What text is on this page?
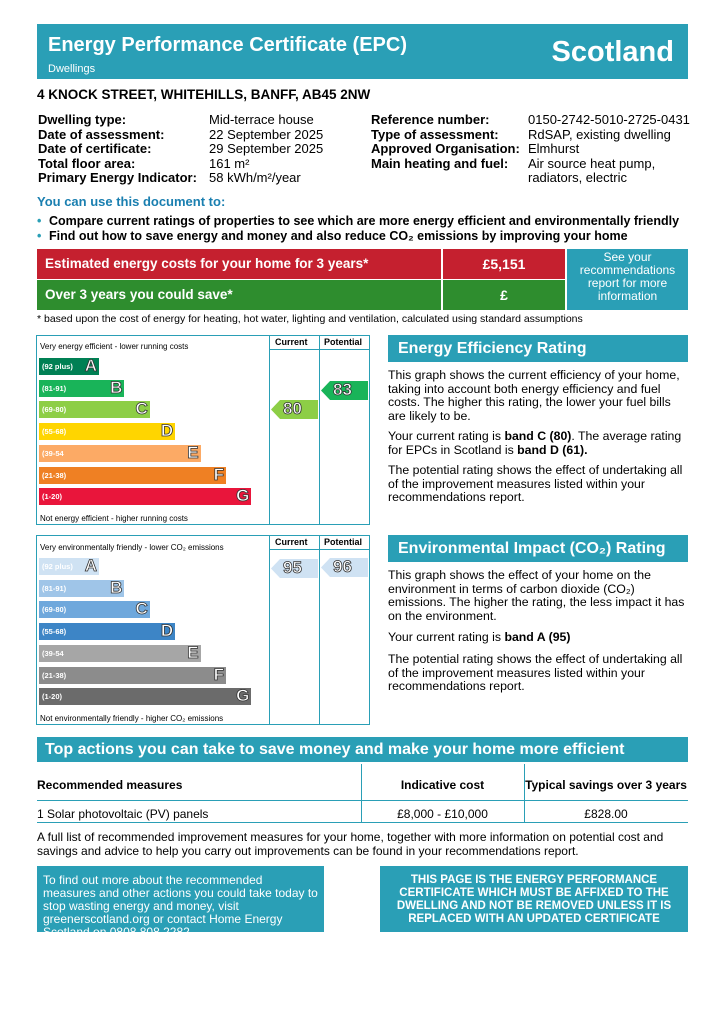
Energy Performance Certificate (EPC)
Dwellings
Scotland
4 KNOCK STREET, WHITEHILLS, BANFF, AB45 2NW
Dwelling type:	Mid-terrace house
Date of assessment:	22 September 2025
Date of certificate:	29 September 2025
Total floor area:	161 m²
Primary Energy Indicator: 58 kWh/m²/year
Reference number:	0150-2742-5010-2725-0431
Type of assessment: RdSAP, existing dwelling
Approved Organisation: Elmhurst
Main heating and fuel: Air source heat pump,
radiators, electric
You can use this document to:
• Compare current ratings of properties to see which are more energy efficient and environmentally friendly
• Find out how to save energy and money and also reduce CO₂ emissions by improving your home
Estimated energy costs for your home for 3 years*	£5,151
Over 3 years you could save*	£
See your recommendations report for more information
* based upon the cost of energy for heating, hot water, lighting and ventilation, calculated using standard assumptions
Current Potential
Very energy efficient - lower running costs
Not energy efficient - higher running costs
(92 plus) A
(81-91)	B
(69-80)	C
(55-68)	D
(39-54	E
(21-38)	F
(1-20)	G
80
83
Energy Efficiency Rating
This graph shows the current efficiency of your home, taking into account both energy efficiency and fuel costs. The higher this rating, the lower your fuel bills are likely to be.
Your current rating is band C (80). The average rating for EPCs in Scotland is band D (61).
The potential rating shows the effect of undertaking all of the improvement measures listed within your recommendations report.
Current Potential
Very environmentally friendly - lower CO₂ emissions
Not environmentally friendly - higher CO₂ emissions
(92 plus) A
(81-91)	B
(69-80)	C
(55-68)	D
(39-54	E
(21-38)	F
(1-20)	G
95 96
Environmental Impact (CO₂) Rating
This graph shows the effect of your home on the environment in terms of carbon dioxide (CO₂) emissions. The higher the rating, the less impact it has on the environment.
Your current rating is band A (95)
The potential rating shows the effect of undertaking all of the improvement measures listed within your recommendations report.
Top actions you can take to save money and make your home more efficient
Recommended measures	Indicative cost	Typical savings over 3 years
1 Solar photovoltaic (PV) panels	£8,000 - £10,000	£828.00
A full list of recommended improvement measures for your home, together with more information on potential cost and savings and advice to help you carry out improvements can be found in your recommendations report.
To find out more about the recommended measures and other actions you could take today to stop wasting energy and money, visit greenerscotland.org or contact Home Energy Scotland on 0808 808 2282.
THIS PAGE IS THE ENERGY PERFORMANCE CERTIFICATE WHICH MUST BE AFFIXED TO THE DWELLING AND NOT BE REMOVED UNLESS IT IS REPLACED WITH AN UPDATED CERTIFICATE
